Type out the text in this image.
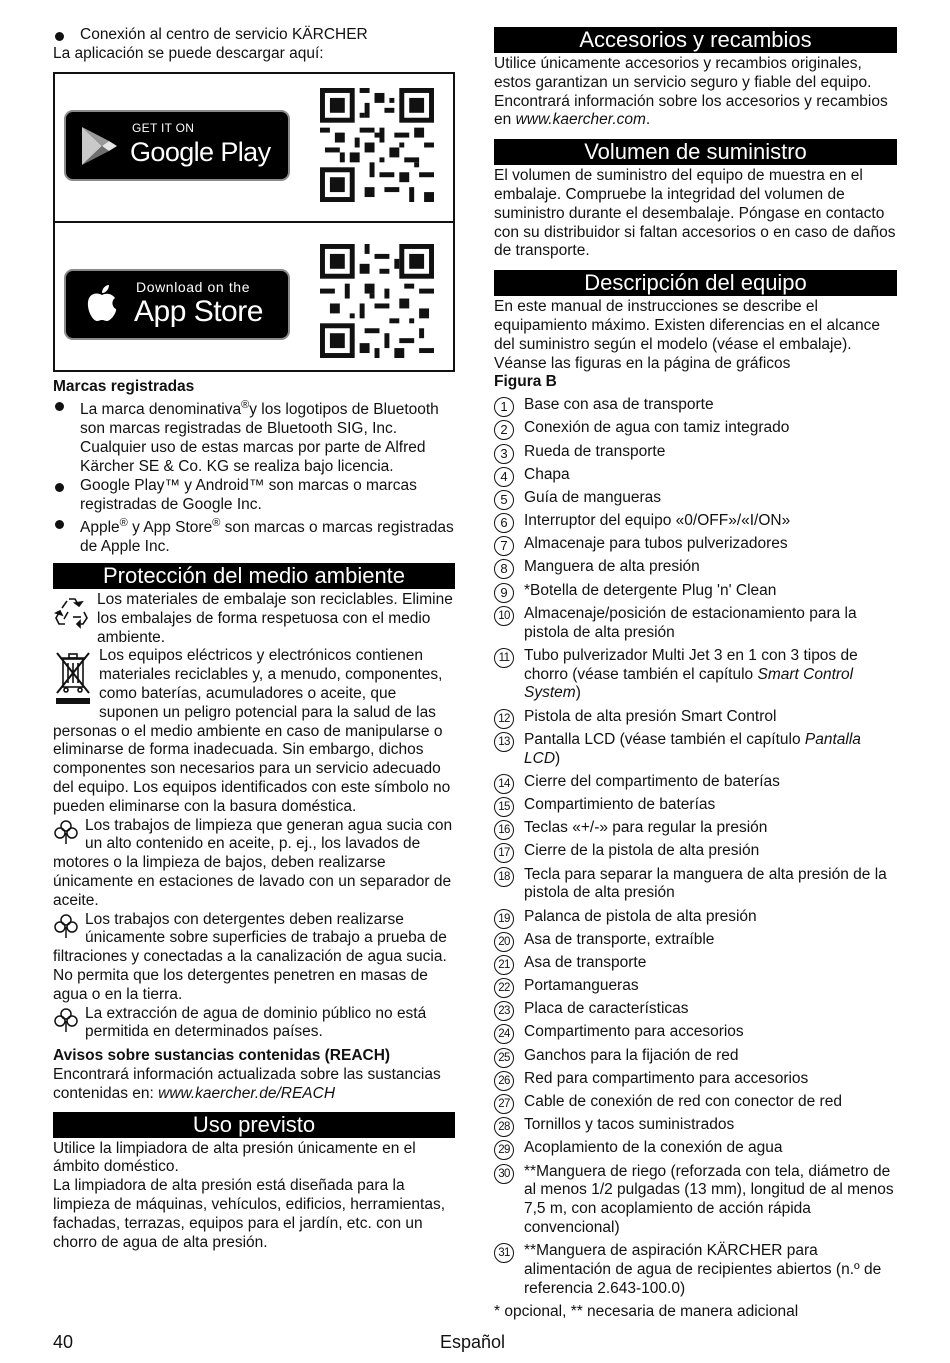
Conexión al centro de servicio KÄRCHER

La aplicación se puede descargar aquí:

GET IT ON
Google Play
Download on the
App Store

Marcas registradas

La marca denominativa®y los logotipos de Bluetooth son marcas registradas de Bluetooth SIG, Inc. Cualquier uso de estas marcas por parte de Alfred Kärcher SE & Co. KG se realiza bajo licencia.

Google Play™ y Android™ son marcas o marcas registradas de Google Inc.

Apple® y App Store® son marcas o marcas registradas de Apple Inc.

Protección del medio ambiente

Los materiales de embalaje son reciclables. Elimine los embalajes de forma respetuosa con el medio ambiente.

Los equipos eléctricos y electrónicos contienen materiales reciclables y, a menudo, componentes, como baterías, acumuladores o aceite, que suponen un peligro potencial para la salud de las personas o el medio ambiente en caso de manipularse o eliminarse de forma inadecuada. Sin embargo, dichos componentes son necesarios para un servicio adecuado del equipo. Los equipos identificados con este símbolo no pueden eliminarse con la basura doméstica.

Los trabajos de limpieza que generan agua sucia con un alto contenido en aceite, p. ej., los lavados de motores o la limpieza de bajos, deben realizarse únicamente en estaciones de lavado con un separador de aceite.

Los trabajos con detergentes deben realizarse únicamente sobre superficies de trabajo a prueba de filtraciones y conectadas a la canalización de agua sucia. No permita que los detergentes penetren en masas de agua o en la tierra.

La extracción de agua de dominio público no está permitida en determinados países.

Avisos sobre sustancias contenidas (REACH)

Encontrará información actualizada sobre las sustancias contenidas en: www.kaercher.de/REACH

Uso previsto

Utilice la limpiadora de alta presión únicamente en el ámbito doméstico.

La limpiadora de alta presión está diseñada para la limpieza de máquinas, vehículos, edificios, herramientas, fachadas, terrazas, equipos para el jardín, etc. con un chorro de agua de alta presión.

Accesorios y recambios

Utilice únicamente accesorios y recambios originales, estos garantizan un servicio seguro y fiable del equipo. Encontrará información sobre los accesorios y recambios en www.kaercher.com.

Volumen de suministro

El volumen de suministro del equipo de muestra en el embalaje. Compruebe la integridad del volumen de suministro durante el desembalaje. Póngase en contacto con su distribuidor si faltan accesorios o en caso de daños de transporte.

Descripción del equipo

En este manual de instrucciones se describe el equipamiento máximo. Existen diferencias en el alcance del suministro según el modelo (véase el embalaje).

Véanse las figuras en la página de gráficos

Figura B

1	Base con asa de transporte
2	Conexión de agua con tamiz integrado
3	Rueda de transporte
4	Chapa
5	Guía de mangueras
6	Interruptor del equipo «0/OFF»/«I/ON»
7	Almacenaje para tubos pulverizadores
8	Manguera de alta presión
9	*Botella de detergente Plug 'n' Clean
10 Almacenaje/posición de estacionamiento para la pistola de alta presión
11 Tubo pulverizador Multi Jet 3 en 1 con 3 tipos de chorro (véase también el capítulo Smart Control System)
12 Pistola de alta presión Smart Control
13 Pantalla LCD (véase también el capítulo Pantalla LCD)
14 Cierre del compartimento de baterías
15 Compartimiento de baterías
16 Teclas «+/-» para regular la presión
17 Cierre de la pistola de alta presión
18 Tecla para separar la manguera de alta presión de la pistola de alta presión
19 Palanca de pistola de alta presión
20 Asa de transporte, extraíble
21 Asa de transporte
22 Portamangueras
23 Placa de características
24 Compartimento para accesorios
25 Ganchos para la fijación de red
26 Red para compartimento para accesorios
27 Cable de conexión de red con conector de red
28 Tornillos y tacos suministrados
29 Acoplamiento de la conexión de agua
30 **Manguera de riego (reforzada con tela, diámetro de al menos 1/2 pulgadas (13 mm), longitud de al menos 7,5 m, con acoplamiento de acción rápida convencional)
31 **Manguera de aspiración KÄRCHER para alimentación de agua de recipientes abiertos (n.º de referencia 2.643-100.0)

* opcional, ** necesaria de manera adicional

40	Español
